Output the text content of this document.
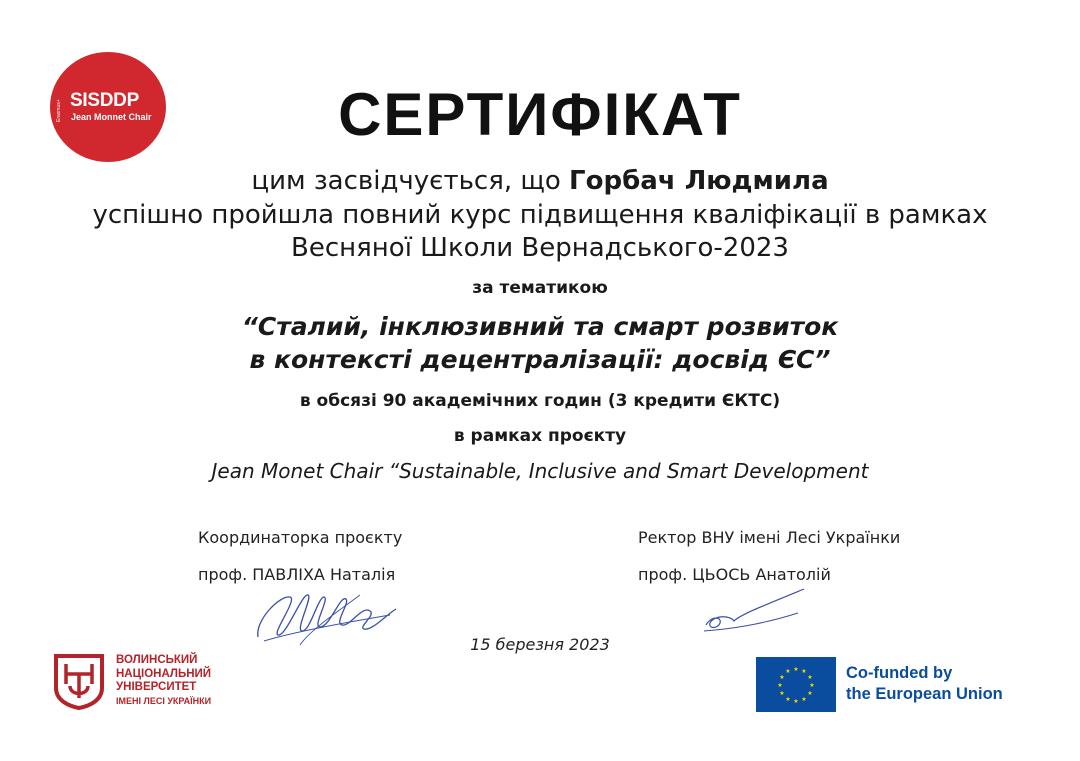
Erasmus+ SISDDP
Jean Monnet Chair	СЕРТИФІКАТ
цим засвідчується, що Горбач Людмила
успішно пройшла повний курс підвищення кваліфікації в рамках
Весняної Школи Вернадського-2023
за тематикою
“Сталий, інклюзивний та смарт розвиток
в контексті децентралізації: досвід ЄС”
в обсязі 90 академічних годин (3 кредити ЄКТС)
в рамках проєкту
Jean Monet Chair “Sustainable, Inclusive and Smart Development
Координаторка проєкту
проф. ПАВЛІХА Наталія
Ректор ВНУ імені Лесі Українки
проф. ЦЬОСЬ Анатолій
15 березня 2023
ВОЛИНСЬКИЙ
НАЦІОНАЛЬНИЙ
УНІВЕРСИТЕТ
ІМЕНІ ЛЕСІ УКРАЇНКИ
★ ★
★
★
★
★
★
★
★
★
★
★	Co-funded by
the European Union
